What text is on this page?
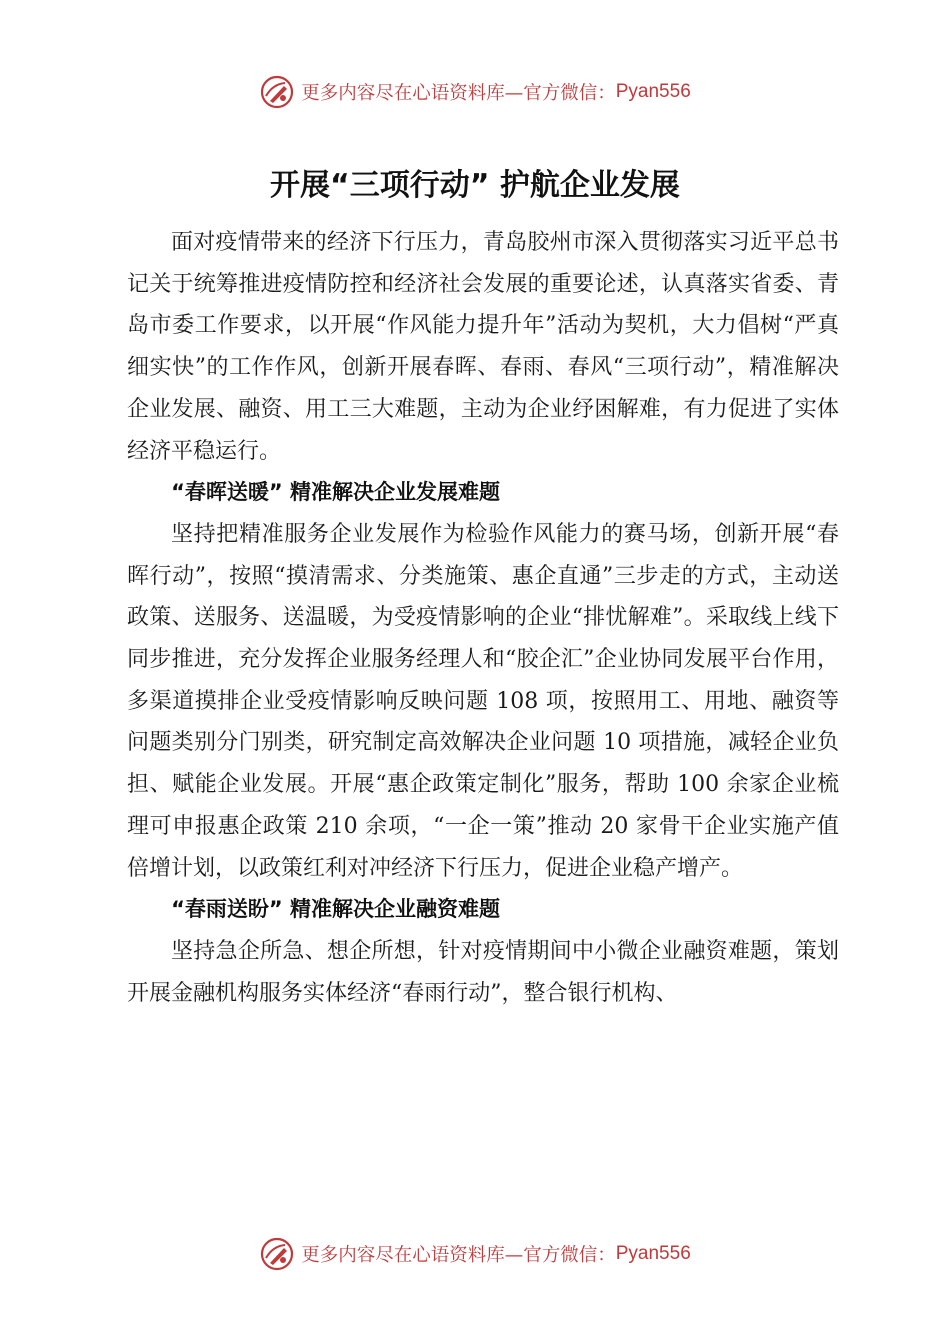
更多内容尽在心语资料库—官方微信： Pyan556
开展“三项行动” 护航企业发展

面对疫情带来的经济下行压力，青岛胶州市深入贯彻落实习近平总书记关于统筹推进疫情防控和经济社会发展的重要论述，认真落实省委、青岛市委工作要求，以开展“作风能力提升年”活动为契机，大力倡树“严真细实快”的工作作风，创新开展春晖、春雨、春风“三项行动”，精准解决企业发展、融资、用工三大难题，主动为企业纾困解难，有力促进了实体经济平稳运行。

“春晖送暖” 精准解决企业发展难题

坚持把精准服务企业发展作为检验作风能力的赛马场，创新开展“春晖行动”，按照“摸清需求、分类施策、惠企直通”三步走的方式，主动送政策、送服务、送温暖，为受疫情影响的企业“排忧解难”。采取线上线下同步推进，充分发挥企业服务经理人和“胶企汇”企业协同发展平台作用，多渠道摸排企业受疫情影响反映问题 108 项，按照用工、用地、融资等问题类别分门别类，研究制定高效解决企业问题 10 项措施，减轻企业负担、赋能企业发展。开展“惠企政策定制化”服务，帮助 100 余家企业梳理可申报惠企政策 210 余项，“一企一策”推动 20 家骨干企业实施产值倍增计划，以政策红利对冲经济下行压力，促进企业稳产增产。

“春雨送盼” 精准解决企业融资难题

坚持急企所急、想企所想，针对疫情期间中小微企业融资难题，策划开展金融机构服务实体经济“春雨行动”，整合银行机构、

更多内容尽在心语资料库—官方微信： Pyan556
